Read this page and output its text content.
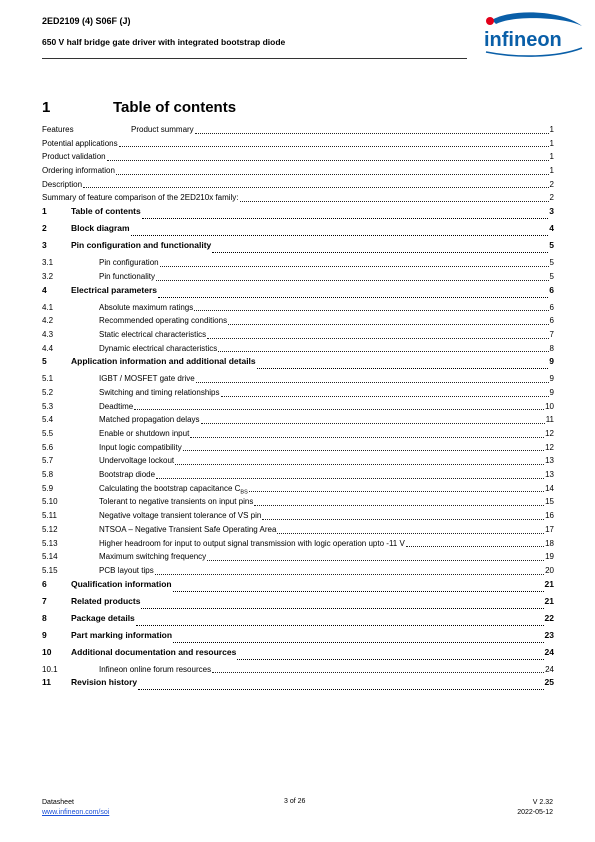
2ED2109 (4) S06F (J)
650 V half bridge gate driver with integrated bootstrap diode	infineon
1	Table of contents
Features	Product summary	1
Potential applications	1
Product validation	1
Ordering information	1
Description	2
Summary of feature comparison of the 2ED210x family:	2
1	Table of contents	3
2	Block diagram	4
3	Pin configuration and functionality	5
3.1	Pin configuration	5
3.2	Pin functionality	5
4	Electrical parameters	6
4.1	Absolute maximum ratings	6
4.2	Recommended operating conditions	6
4.3	Static electrical characteristics	7
4.4	Dynamic electrical characteristics	8
5	Application information and additional details	9
5.1	IGBT / MOSFET gate drive	9
5.2	Switching and timing relationships	9
5.3	Deadtime	10
5.4	Matched propagation delays	11
5.5	Enable or shutdown input	12
5.6	Input logic compatibility	12
5.7	Undervoltage lockout	13
5.8	Bootstrap diode	13
5.9	Calculating the bootstrap capacitance $C_{BS}$	14
5.10	Tolerant to negative transients on input pins	15
5.11	Negative voltage transient tolerance of VS pin	16
5.12	NTSOA – Negative Transient Safe Operating Area	17
5.13	Higher headroom for input to output signal transmission with logic operation upto -11 V	18
5.14	Maximum switching frequency	19
5.15	PCB layout tips	20
6	Qualification information	21
7	Related products	21
8	Package details	22
9	Part marking information	23
10	Additional documentation and resources	24
10.1	Infineon online forum resources	24
11	Revision history	25
Datasheet
www.infineon.com/soi
3 of 26	V 2.32
2022-05-12
